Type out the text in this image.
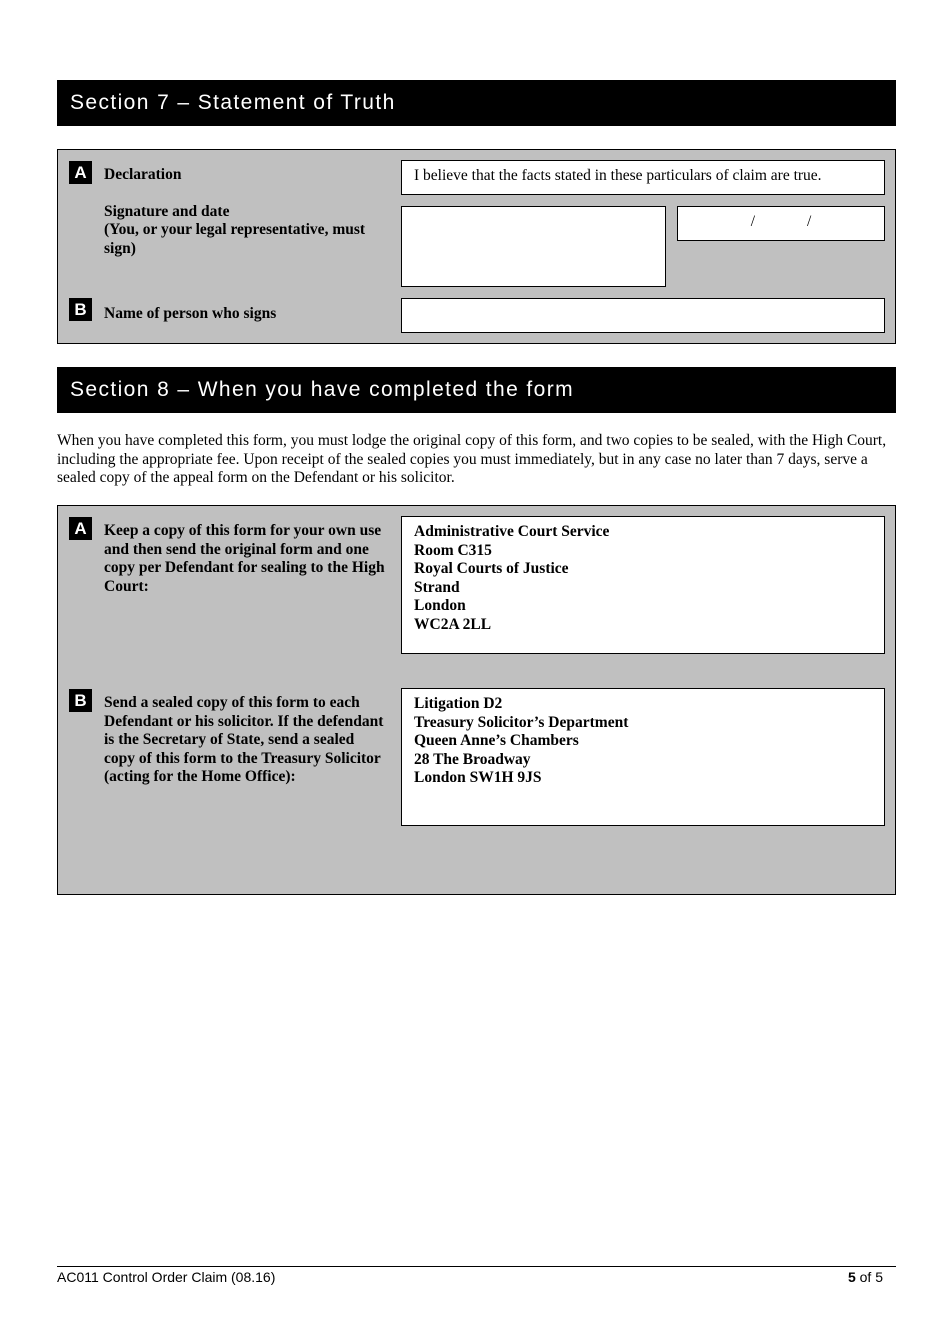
Section 7 – Statement of Truth
A	Declaration	I believe that the facts stated in these particulars of claim are true.
Signature and date
(You, or your legal representative, must sign)
/	/
B	Name of person who signs
Section 8 – When you have completed the form
When you have completed this form, you must lodge the original copy of this form, and two copies to be sealed, with the High Court, including the appropriate fee. Upon receipt of the sealed copies you must immediately, but in any case no later than 7 days, serve a sealed copy of the appeal form on the Defendant or his solicitor.
A	Keep a copy of this form for your own use and then send the original form and one copy per Defendant for sealing to the High Court:
Administrative Court Service
Room C315
Royal Courts of Justice
Strand
London
WC2A 2LL
B	Send a sealed copy of this form to each Defendant or his solicitor. If the defendant is the Secretary of State, send a sealed copy of this form to the Treasury Solicitor (acting for the Home Office):
Litigation D2
Treasury Solicitor’s Department
Queen Anne’s Chambers
28 The Broadway
London SW1H 9JS
AC011 Control Order Claim (08.16)	5 of 5
